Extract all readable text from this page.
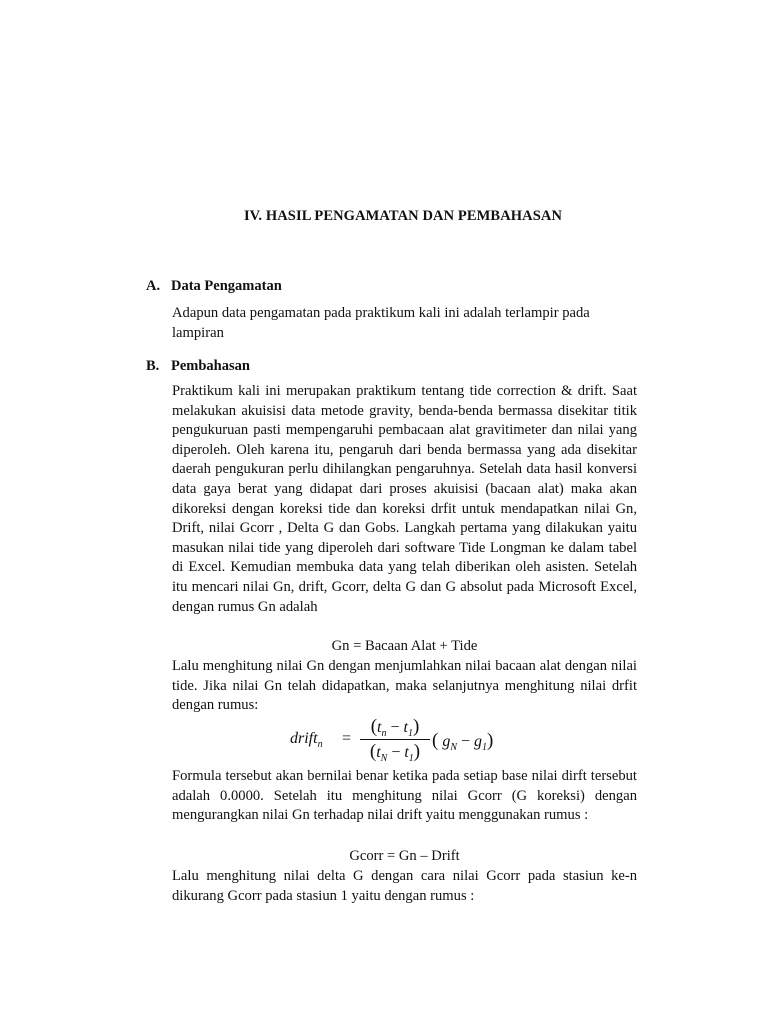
IV. HASIL PENGAMATAN DAN PEMBAHASAN
A. Data Pengamatan

Adapun data pengamatan pada praktikum kali ini adalah terlampir pada lampiran

B. Pembahasan

Praktikum kali ini merupakan praktikum tentang tide correction & drift. Saat melakukan akuisisi data metode gravity, benda-benda bermassa disekitar titik pengukuruan pasti mempengaruhi pembacaan alat gravitimeter dan nilai yang diperoleh. Oleh karena itu, pengaruh dari benda bermassa yang ada disekitar daerah pengukuran perlu dihilangkan pengaruhnya. Setelah data hasil konversi data gaya berat yang didapat dari proses akuisisi (bacaan alat) maka akan dikoreksi dengan koreksi tide dan koreksi drfit untuk mendapatkan nilai Gn, Drift, nilai Gcorr , Delta G dan Gobs. Langkah pertama yang dilakukan yaitu masukan nilai tide yang diperoleh dari software Tide Longman ke dalam tabel di Excel. Kemudian membuka data yang telah diberikan oleh asisten. Setelah itu mencari nilai Gn, drift, Gcorr, delta G dan G absolut pada Microsoft Excel, dengan rumus Gn adalah

Gn = Bacaan Alat + Tide

Lalu menghitung nilai Gn dengan menjumlahkan nilai bacaan alat dengan nilai tide. Jika nilai Gn telah didapatkan, maka selanjutnya menghitung nilai drfit dengan rumus:

drift$_n$ =
$(t_n - t_1)$
$(t_N - t_1)$
( $g_N - g_1$)

Formula tersebut akan bernilai benar ketika pada setiap base nilai dirft tersebut adalah 0.0000. Setelah itu menghitung nilai Gcorr (G koreksi) dengan mengurangkan nilai Gn terhadap nilai drift yaitu menggunakan rumus :

Gcorr = Gn – Drift

Lalu menghitung nilai delta G dengan cara nilai Gcorr pada stasiun ke-n dikurang Gcorr pada stasiun 1 yaitu dengan rumus :
